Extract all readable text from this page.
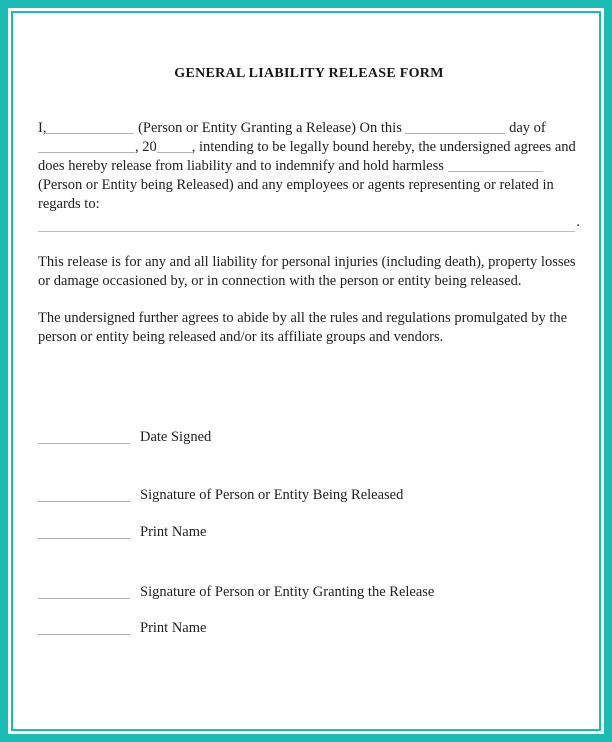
GENERAL LIABILITY RELEASE FORM

I,	(Person or Entity Granting a Release) On this	day of , 20 , intending to be legally bound hereby, the undersigned agrees and does hereby release from liability and to indemnify and hold harmless  (Person or Entity being Released) and any employees or agents representing or related in regards to:

.

This release is for any and all liability for personal injuries (including death), property losses or damage occasioned by, or in connection with the person or entity being released.

The undersigned further agrees to abide by all the rules and regulations promulgated by the person or entity being released and/or its affiliate groups and vendors.

Date Signed
Signature of Person or Entity Being Released
Print Name
Signature of Person or Entity Granting the Release
Print Name
